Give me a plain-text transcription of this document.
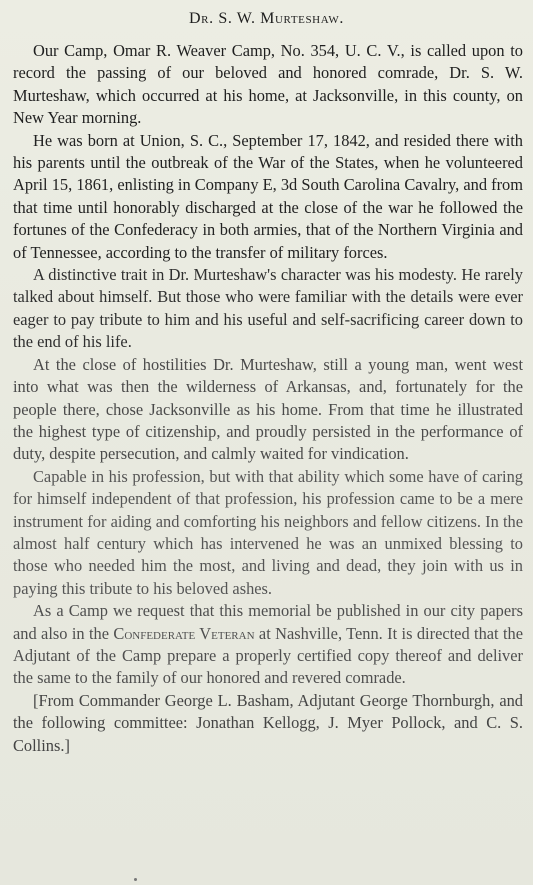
Dr. S. W. Murteshaw.

Our Camp, Omar R. Weaver Camp, No. 354, U. C. V., is called upon to record the passing of our beloved and honored comrade, Dr. S. W. Murteshaw, which occurred at his home, at Jacksonville, in this county, on New Year morning.

He was born at Union, S. C., September 17, 1842, and resided there with his parents until the outbreak of the War of the States, when he volunteered April 15, 1861, enlisting in Company E, 3d South Carolina Cavalry, and from that time until honorably discharged at the close of the war he followed the fortunes of the Confederacy in both armies, that of the Northern Virginia and of Tennessee, according to the transfer of military forces.

A distinctive trait in Dr. Murteshaw's character was his modesty. He rarely talked about himself. But those who were familiar with the details were ever eager to pay tribute to him and his useful and self-sacrificing career down to the end of his life.

At the close of hostilities Dr. Murteshaw, still a young man, went west into what was then the wilderness of Arkansas, and, fortunately for the people there, chose Jacksonville as his home. From that time he illustrated the highest type of citizenship, and proudly persisted in the performance of duty, despite persecution, and calmly waited for vindication.

Capable in his profession, but with that ability which some have of caring for himself independent of that profession, his profession came to be a mere instrument for aiding and comforting his neighbors and fellow citizens. In the almost half century which has intervened he was an unmixed blessing to those who needed him the most, and living and dead, they join with us in paying this tribute to his beloved ashes.

As a Camp we request that this memorial be published in our city papers and also in the Confederate Veteran at Nashville, Tenn. It is directed that the Adjutant of the Camp prepare a properly certified copy thereof and deliver the same to the family of our honored and revered comrade.

[From Commander George L. Basham, Adjutant George Thornburgh, and the following committee: Jonathan Kellogg, J. Myer Pollock, and C. S. Collins.]
